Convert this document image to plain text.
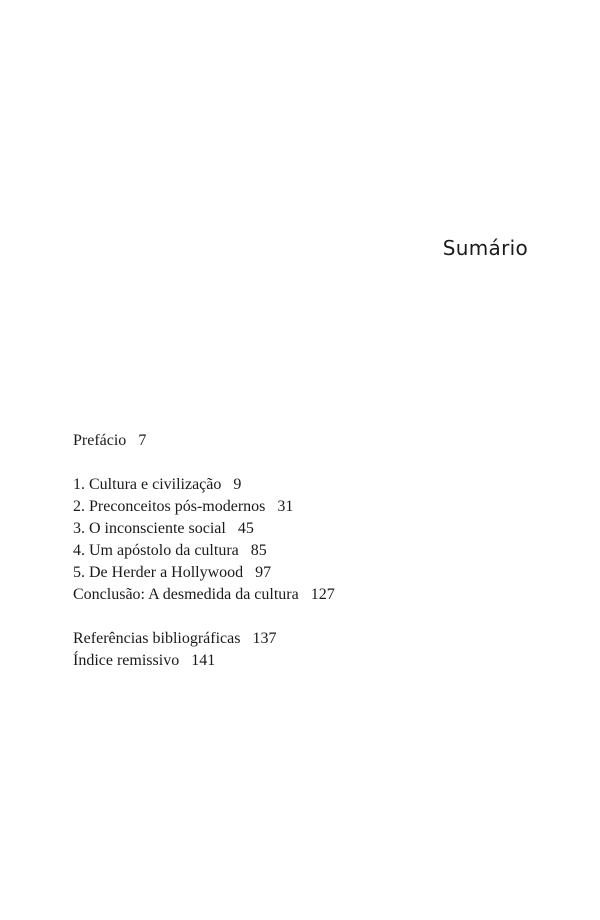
Sumário
Prefácio 7
1. Cultura e civilização 9
2. Preconceitos pós-modernos 31
3. O inconsciente social 45
4. Um apóstolo da cultura 85
5. De Herder a Hollywood 97
Conclusão: A desmedida da cultura 127
Referências bibliográficas 137
Índice remissivo 141
